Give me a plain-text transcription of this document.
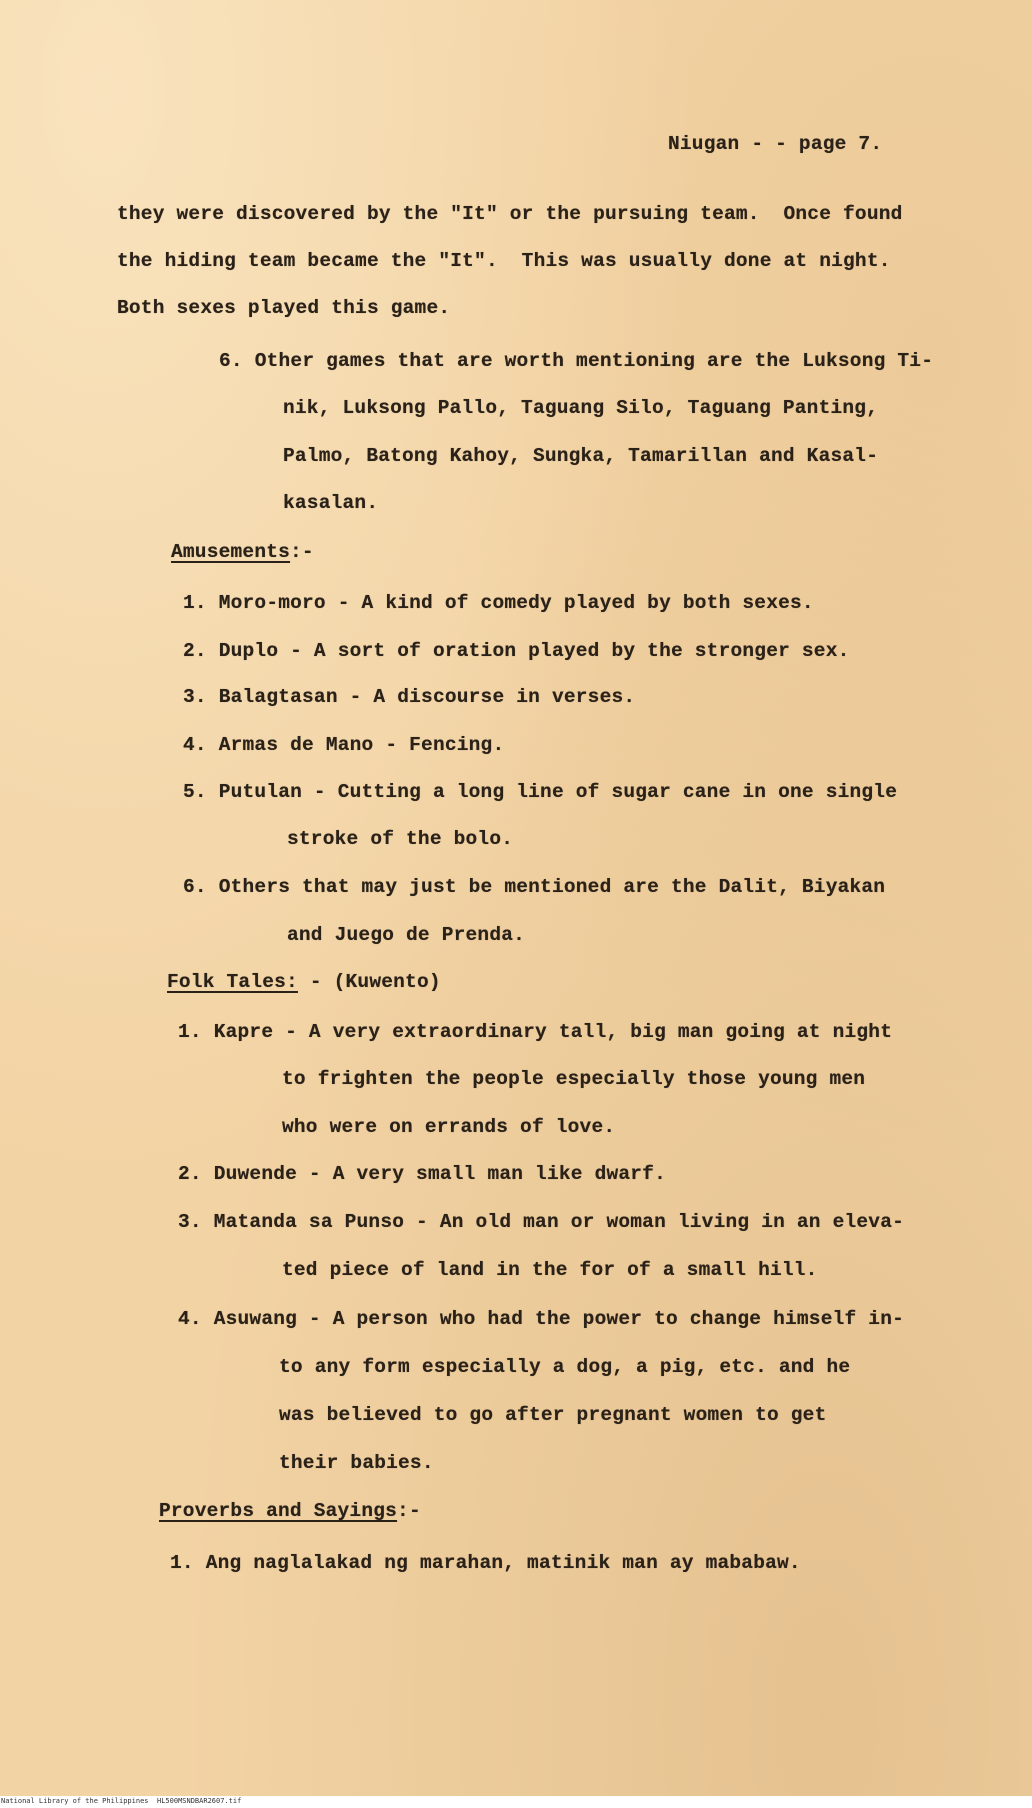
Niugan - - page 7.
they were discovered by the "It" or the pursuing team.  Once found
the hiding team became the "It".  This was usually done at night.
Both sexes played this game.
6. Other games that are worth mentioning are the Luksong Ti-
nik, Luksong Pallo, Taguang Silo, Taguang Panting,
Palmo, Batong Kahoy, Sungka, Tamarillan and Kasal-
kasalan.
Amusements:-
1. Moro-moro - A kind of comedy played by both sexes.
2. Duplo - A sort of oration played by the stronger sex.
3. Balagtasan - A discourse in verses.
4. Armas de Mano - Fencing.
5. Putulan - Cutting a long line of sugar cane in one single
stroke of the bolo.
6. Others that may just be mentioned are the Dalit, Biyakan
and Juego de Prenda.
Folk Tales: - (Kuwento)
1. Kapre - A very extraordinary tall, big man going at night
to frighten the people especially those young men
who were on errands of love.
2. Duwende - A very small man like dwarf.
3. Matanda sa Punso - An old man or woman living in an eleva-
ted piece of land in the for of a small hill.
4. Asuwang - A person who had the power to change himself in-
to any form especially a dog, a pig, etc. and he
was believed to go after pregnant women to get
their babies.
Proverbs and Sayings:-
1. Ang naglalakad ng marahan, matinik man ay mababaw.
National Library of the Philippines HL500MSNDBAR2607.tif
